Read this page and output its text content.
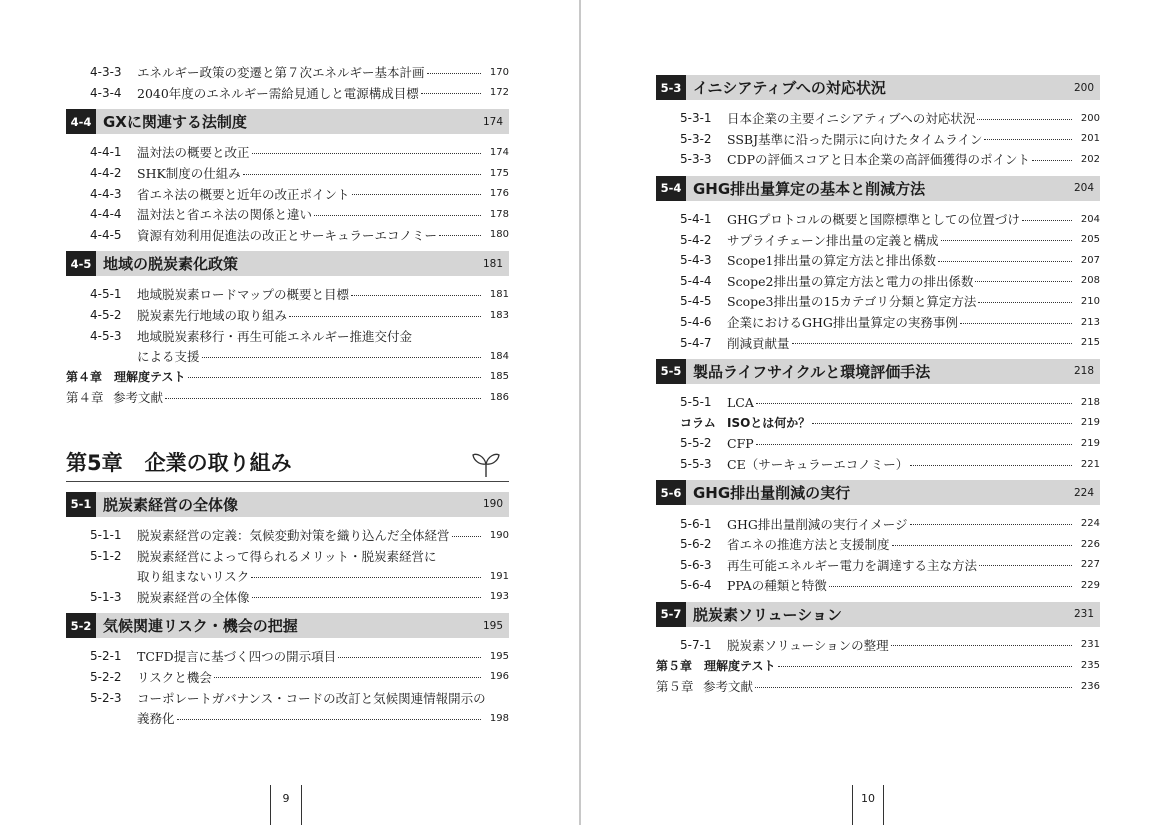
4-3-3	エネルギー政策の変遷と第７次エネルギー基本計画	170
4-3-4	2040年度のエネルギー需給見通しと電源構成目標	172
4-4 GXに関連する法制度	174
4-4-1	温対法の概要と改正	174
4-4-2	SHK制度の仕組み	175
4-4-3	省エネ法の概要と近年の改正ポイント	176
4-4-4	温対法と省エネ法の関係と違い	178
4-4-5	資源有効利用促進法の改正とサーキュラーエコノミー	180
4-5 地域の脱炭素化政策	181
4-5-1	地域脱炭素ロードマップの概要と目標	181
4-5-2	脱炭素先行地域の取り組み	183
4-5-3	地域脱炭素移行・再生可能エネルギー推進交付金
による支援	184
第４章　理解度テスト	185
第４章 参考文献	186
第5章 企業の取り組み
5-1 脱炭素経営の全体像	190
5-1-1	脱炭素経営の定義：気候変動対策を織り込んだ全体経営	190
5-1-2	脱炭素経営によって得られるメリット・脱炭素経営に
取り組まないリスク	191
5-1-3	脱炭素経営の全体像	193
5-2 気候関連リスク・機会の把握	195
5-2-1	TCFD提言に基づく四つの開示項目	195
5-2-2	リスクと機会	196
5-2-3	コーポレートガバナンス・コードの改訂と気候関連情報開示の
義務化	198
9
5-3 イニシアティブへの対応状況	200
5-3-1	日本企業の主要イニシアティブへの対応状況	200
5-3-2	SSBJ基準に沿った開示に向けたタイムライン	201
5-3-3	CDPの評価スコアと日本企業の高評価獲得のポイント	202
5-4 GHG排出量算定の基本と削減方法	204
5-4-1	GHGプロトコルの概要と国際標準としての位置づけ	204
5-4-2	サプライチェーン排出量の定義と構成	205
5-4-3	Scope1排出量の算定方法と排出係数	207
5-4-4	Scope2排出量の算定方法と電力の排出係数	208
5-4-5	Scope3排出量の15カテゴリ分類と算定方法	210
5-4-6	企業におけるGHG排出量算定の実務事例	213
5-4-7	削減貢献量	215
5-5 製品ライフサイクルと環境評価手法	218
5-5-1	LCA	218
コラム ISOとは何か？	219
5-5-2	CFP	219
5-5-3	CE（サーキュラーエコノミー）	221
5-6 GHG排出量削減の実行	224
5-6-1	GHG排出量削減の実行イメージ	224
5-6-2	省エネの推進方法と支援制度	226
5-6-3	再生可能エネルギー電力を調達する主な方法	227
5-6-4	PPAの種類と特徴	229
5-7 脱炭素ソリューション	231
5-7-1	脱炭素ソリューションの整理	231
第５章　理解度テスト	235
第５章 参考文献	236
10
